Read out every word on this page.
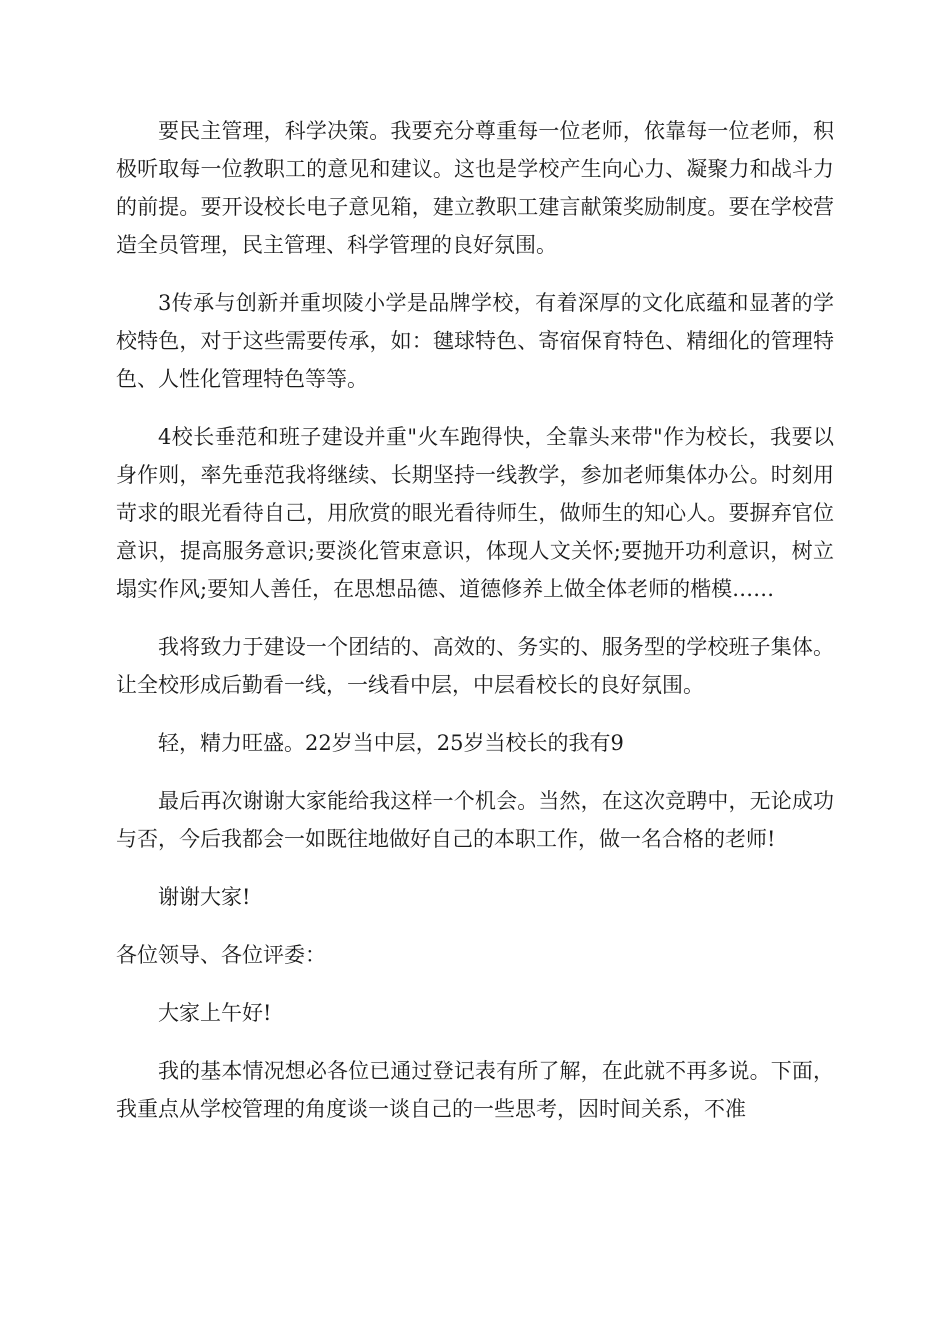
要民主管理，科学决策。我要充分尊重每一位老师，依靠每一位老师，积极听取每一位教职工的意见和建议。这也是学校产生向心力、凝聚力和战斗力的前提。要开设校长电子意见箱，建立教职工建言献策奖励制度。要在学校营造全员管理，民主管理、科学管理的良好氛围。

3传承与创新并重坝陵小学是品牌学校，有着深厚的文化底蕴和显著的学校特色，对于这些需要传承，如：毽球特色、寄宿保育特色、精细化的管理特色、人性化管理特色等等。

4校长垂范和班子建设并重"火车跑得快，全靠头来带"作为校长，我要以身作则，率先垂范我将继续、长期坚持一线教学，参加老师集体办公。时刻用苛求的眼光看待自己，用欣赏的眼光看待师生，做师生的知心人。要摒弃官位意识，提高服务意识;要淡化管束意识，体现人文关怀;要抛开功利意识，树立塌实作风;要知人善任，在思想品德、道德修养上做全体老师的楷模……

我将致力于建设一个团结的、高效的、务实的、服务型的学校班子集体。让全校形成后勤看一线，一线看中层，中层看校长的良好氛围。

轻，精力旺盛。22岁当中层，25岁当校长的我有9

最后再次谢谢大家能给我这样一个机会。当然，在这次竞聘中，无论成功与否，今后我都会一如既往地做好自己的本职工作，做一名合格的老师!

谢谢大家!

各位领导、各位评委：

大家上午好!

我的基本情况想必各位已通过登记表有所了解，在此就不再多说。下面，我重点从学校管理的角度谈一谈自己的一些思考，因时间关系，不准
